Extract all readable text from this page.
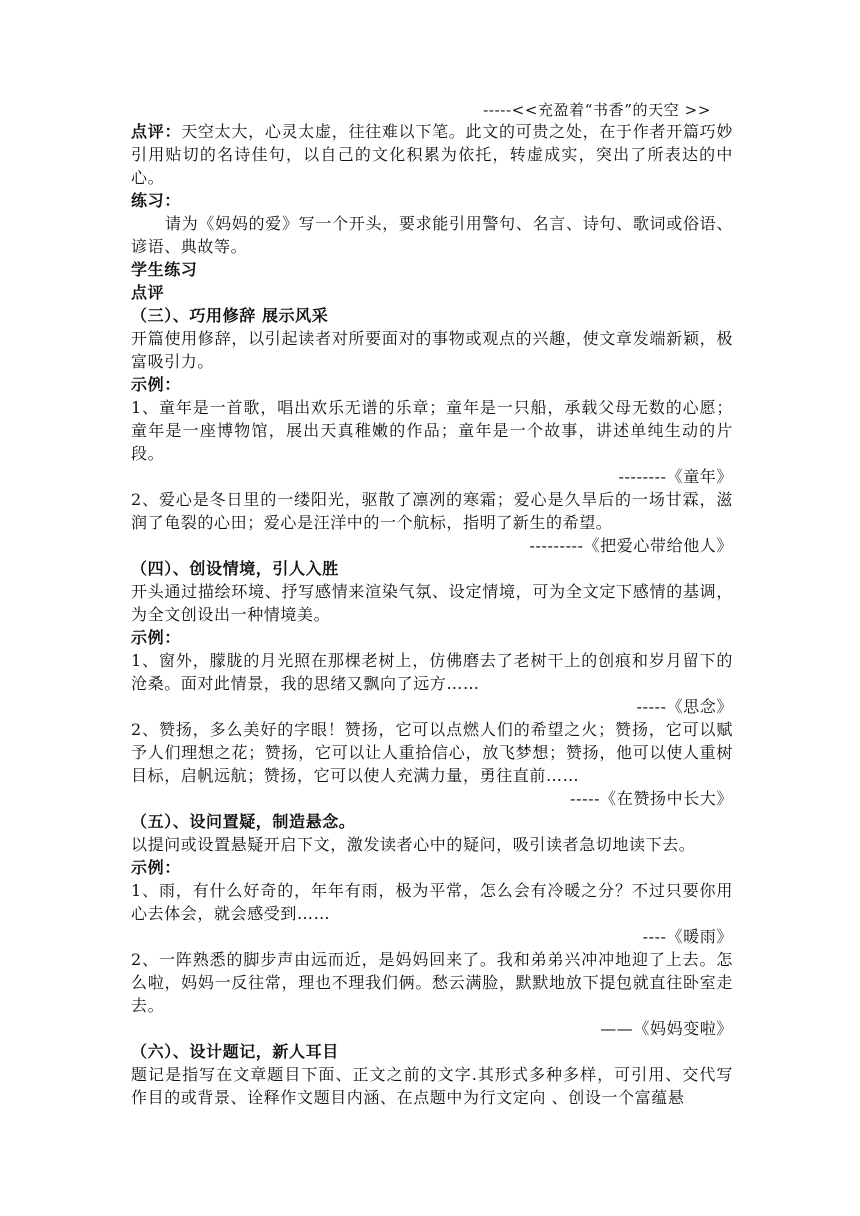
-----<<充盈着“书香”的天空 >>

点评：天空太大，心灵太虚，往往难以下笔。此文的可贵之处，在于作者开篇巧妙引用贴切的名诗佳句，以自己的文化积累为依托，转虚成实，突出了所表达的中心。

练习：

请为《妈妈的爱》写一个开头，要求能引用警句、名言、诗句、歌词或俗语、谚语、典故等。

学生练习

点评

（三）、巧用修辞 展示风采

开篇使用修辞，以引起读者对所要面对的事物或观点的兴趣，使文章发端新颖，极富吸引力。

示例：

1、童年是一首歌，唱出欢乐无谱的乐章；童年是一只船，承载父母无数的心愿；童年是一座博物馆，展出天真稚嫩的作品；童年是一个故事，讲述单纯生动的片段。

--------《童年》

2、爱心是冬日里的一缕阳光，驱散了凛冽的寒霜；爱心是久旱后的一场甘霖，滋润了龟裂的心田；爱心是汪洋中的一个航标，指明了新生的希望。

---------《把爱心带给他人》

（四）、创设情境，引人入胜

开头通过描绘环境、抒写感情来渲染气氛、设定情境，可为全文定下感情的基调，为全文创设出一种情境美。

示例：

1、窗外，朦胧的月光照在那棵老树上，仿佛磨去了老树干上的创痕和岁月留下的沧桑。面对此情景，我的思绪又飘向了远方……

-----《思念》

2、赞扬，多么美好的字眼！赞扬，它可以点燃人们的希望之火；赞扬，它可以赋予人们理想之花；赞扬，它可以让人重拾信心，放飞梦想；赞扬，他可以使人重树目标，启帆远航；赞扬，它可以使人充满力量，勇往直前……

-----《在赞扬中长大》

（五）、设问置疑，制造悬念。

以提问或设置悬疑开启下文，激发读者心中的疑问，吸引读者急切地读下去。

示例：

1、雨，有什么好奇的，年年有雨，极为平常，怎么会有冷暖之分？不过只要你用心去体会，就会感受到……

----《暖雨》

2、一阵熟悉的脚步声由远而近，是妈妈回来了。我和弟弟兴冲冲地迎了上去。怎么啦，妈妈一反往常，理也不理我们俩。愁云满脸，默默地放下提包就直往卧室走去。

——《妈妈变啦》

（六）、设计题记，新人耳目

题记是指写在文章题目下面、正文之前的文字.其形式多种多样，可引用、交代写作目的或背景、诠释作文题目内涵、在点题中为行文定向 、创设一个富蕴悬
